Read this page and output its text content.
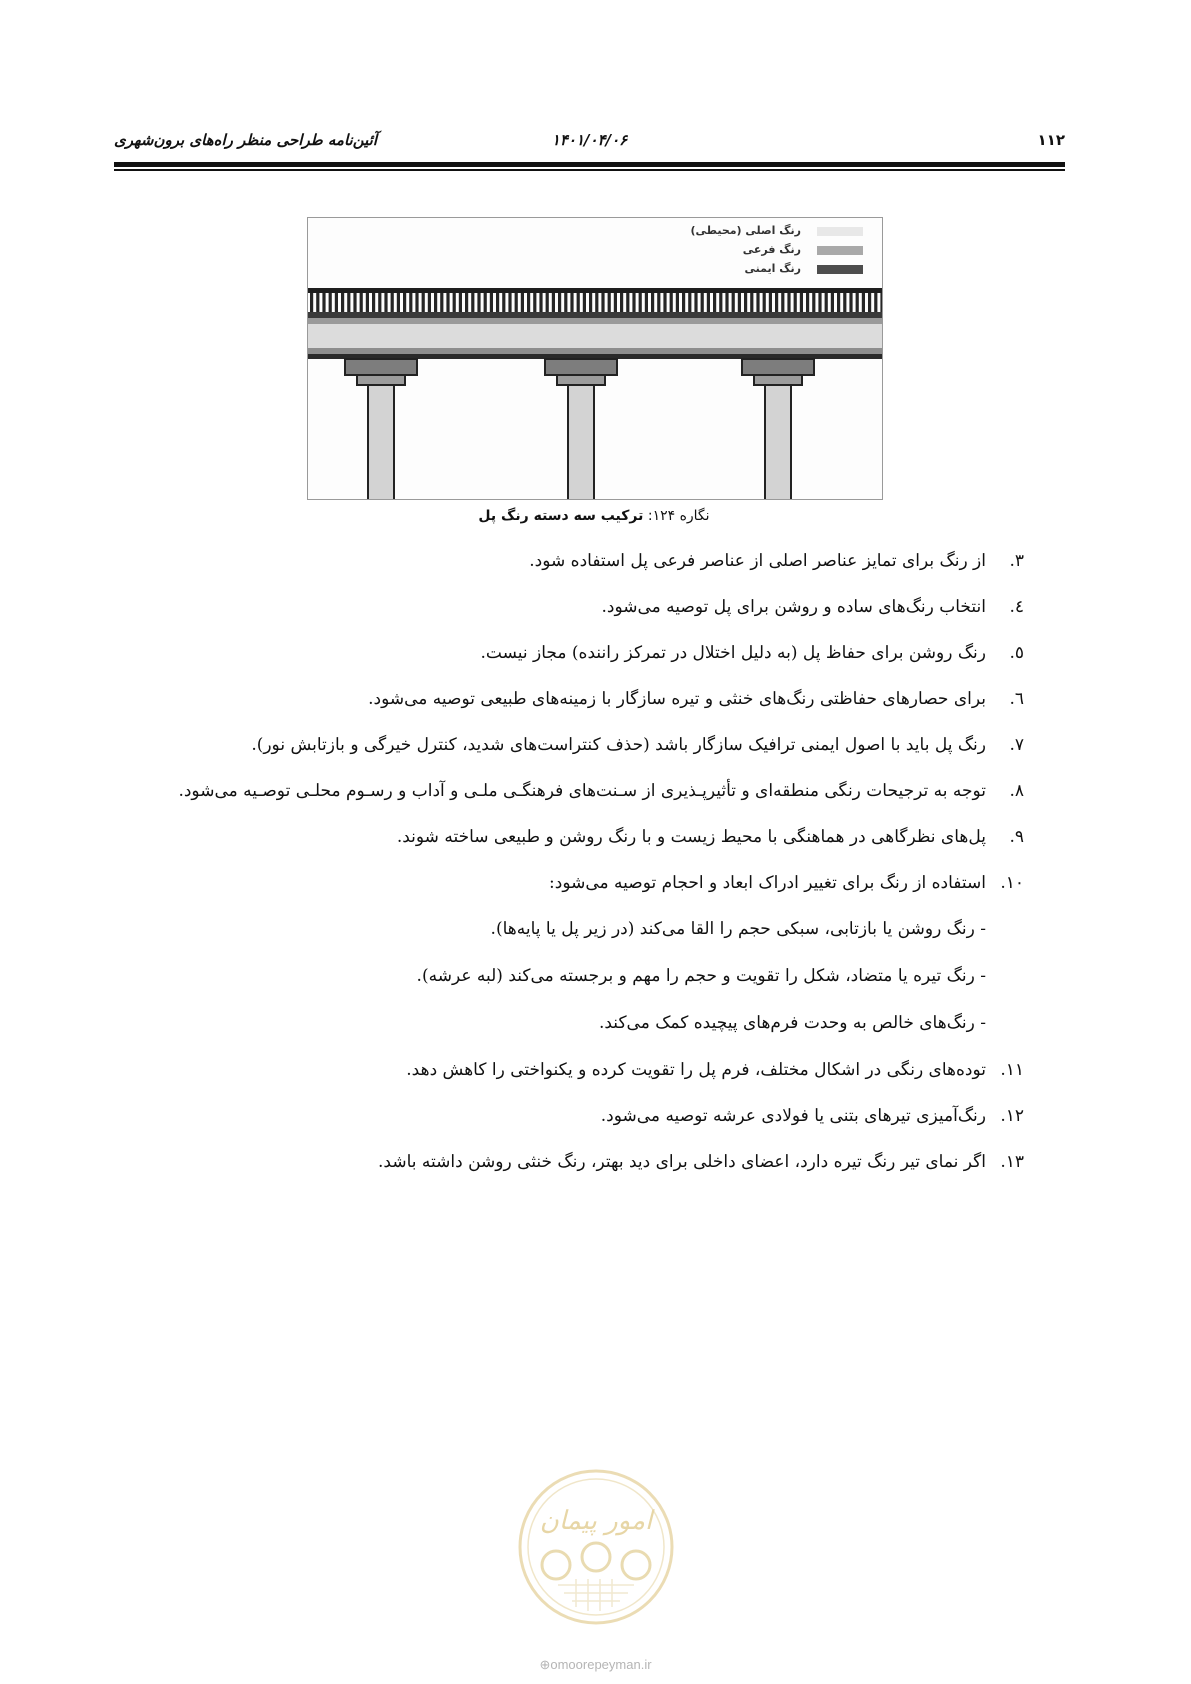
۱۱۲
۱۴۰۱/۰۴/۰۶
آئین‌نامه طراحی منظر راه‌های برون‌شهری
رنگ اصلی (محیطی)
رنگ فرعی
رنگ ایمنی
نگاره ۱۲۴: ترکیب سه دسته رنگ پل
۳.
از رنگ برای تمایز عناصر اصلی از عناصر فرعی پل استفاده شود.
٤.
انتخاب رنگ‌های ساده و روشن برای پل توصیه می‌شود.
٥.
رنگ روشن برای حفاظ پل (به دلیل اختلال در تمرکز راننده) مجاز نیست.
٦.
برای حصارهای حفاظتی رنگ‌های خنثی و تیره سازگار با زمینه‌های طبیعی توصیه می‌شود.
۷.
رنگ پل باید با اصول ایمنی ترافیک سازگار باشد (حذف کنتراست‌های شدید، کنترل خیرگی و بازتابش نور).
۸.
توجه به ترجیحات رنگی منطقه‌ای و تأثیرپـذیری از سـنت‌های فرهنگـی ملـی و آداب و رسـوم محلـی توصـیه می‌شود.
۹.
پل‌های نظرگاهی در هماهنگی با محیط زیست و با رنگ روشن و طبیعی ساخته شوند.
۱۰.
استفاده از رنگ برای تغییر ادراک ابعاد و احجام توصیه می‌شود:
- رنگ روشن یا بازتابی، سبکی حجم را القا می‌کند (در زیر پل یا پایه‌ها).
- رنگ تیره یا متضاد، شکل را تقویت و حجم را مهم و برجسته می‌کند (لبه عرشه).
- رنگ‌های خالص به وحدت فرم‌های پیچیده کمک می‌کند.
۱۱.
توده‌های رنگی در اشکال مختلف، فرم پل را تقویت کرده و یکنواختی را کاهش دهد.
۱۲.
رنگ‌آمیزی تیرهای بتنی یا فولادی عرشه توصیه می‌شود.
۱۳.
اگر نمای تیر رنگ تیره دارد، اعضای داخلی برای دید بهتر، رنگ خنثی روشن داشته باشد.
امور پیمان
⊕omoorepeyman.ir
